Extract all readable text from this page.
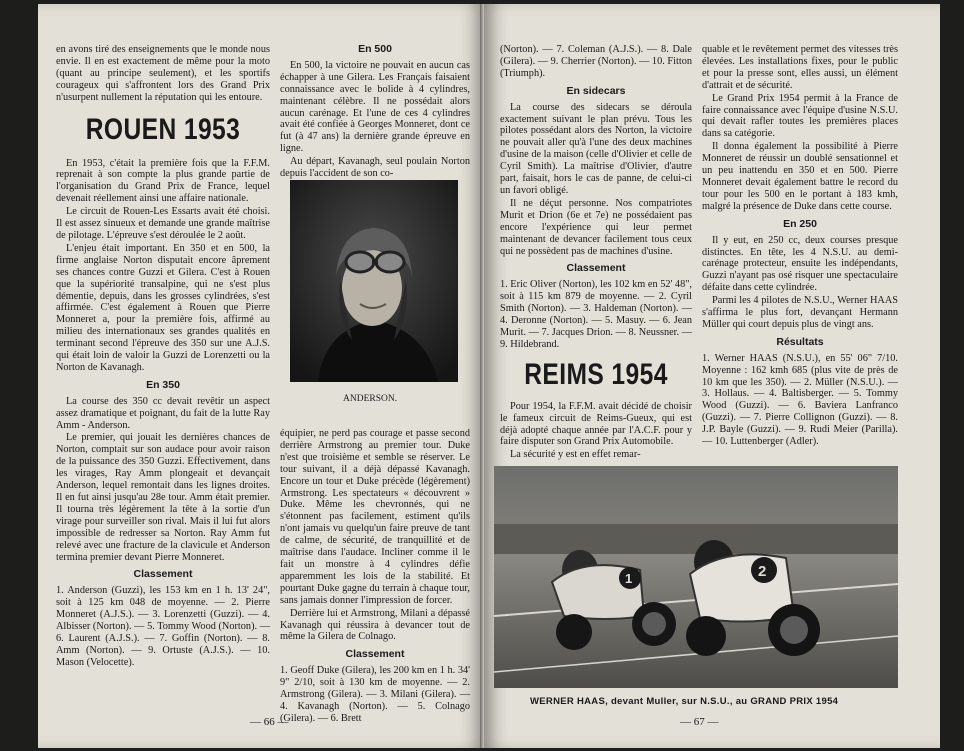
en avons tiré des enseignements que le monde nous envie. Il en est exactement de même pour la moto (quant au principe seulement), et les sportifs courageux qui s'affrontent lors des Grand Prix n'usurpent nullement la réputation qui les entoure.

ROUEN 1953

En 1953, c'était la première fois que la F.F.M. reprenait à son compte la plus grande partie de l'organisation du Grand Prix de France, lequel devenait réellement ainsi une affaire nationale.

Le circuit de Rouen-Les Essarts avait été choisi. Il est assez sinueux et demande une grande maîtrise de pilotage. L'épreuve s'est déroulée le 2 août.

L'enjeu était important. En 350 et en 500, la firme anglaise Norton disputait encore âprement ses chances contre Guzzi et Gilera. C'est à Rouen que la supériorité transalpine, qui ne s'est plus démentie, depuis, dans les grosses cylindrées, s'est affirmée. C'est également à Rouen que Pierre Monneret a, pour la première fois, affirmé au milieu des internationaux ses grandes qualités en terminant second l'épreuve des 350 sur une A.J.S. qui était loin de valoir la Guzzi de Lorenzetti ou la Norton de Kavanagh.

En 350

La course des 350 cc devait revêtir un aspect assez dramatique et poignant, du fait de la lutte Ray Amm - Anderson.

Le premier, qui jouait les dernières chances de Norton, comptait sur son audace pour avoir raison de la puissance des 350 Guzzi. Effectivement, dans les virages, Ray Amm plongeait et devançait Anderson, lequel remontait dans les lignes droites. Il en fut ainsi jusqu'au 28e tour. Amm était premier. Il tourna très légèrement la tête à la sortie d'un virage pour surveiller son rival. Mais il lui fut alors impossible de redresser sa Norton. Ray Amm fut relevé avec une fracture de la clavicule et Anderson termina premier devant Pierre Monneret.

Classement

1. Anderson (Guzzi), les 153 km en 1 h. 13' 24", soit à 125 km 048 de moyenne. — 2. Pierre Monneret (A.J.S.). — 3. Lorenzetti (Guzzi). — 4. Albisser (Norton). — 5. Tommy Wood (Norton). — 6. Laurent (A.J.S.). — 7. Goffin (Norton). — 8. Amm (Norton). — 9. Ortuste (A.J.S.). — 10. Mason (Velocette).

En 500

En 500, la victoire ne pouvait en aucun cas échapper à une Gilera. Les Français faisaient connaissance avec le bolide à 4 cylindres, maintenant célèbre. Il ne possédait alors aucun carénage. Et l'une de ces 4 cylindres avait été confiée à Georges Monneret, dont ce fut (à 47 ans) la dernière grande épreuve en ligne.

Au départ, Kavanagh, seul poulain Norton depuis l'accident de son co-

ANDERSON.

équipier, ne perd pas courage et passe second derrière Armstrong au premier tour. Duke n'est que troisième et semble se réserver. Le tour suivant, il a déjà dépassé Kavanagh. Encore un tour et Duke précède (légèrement) Armstrong. Les spectateurs « découvrent » Duke. Même les chevronnés, qui ne s'étonnent pas facilement, estiment qu'ils n'ont jamais vu quelqu'un faire preuve de tant de calme, de sécurité, de tranquillité et de maîtrise dans l'audace. Incliner comme il le fait un monstre à 4 cylindres défie apparemment les lois de la stabilité. Et pourtant Duke gagne du terrain à chaque tour, sans jamais donner l'impression de forcer.

Derrière lui et Armstrong, Milani a dépassé Kavanagh qui réussira à devancer tout de même la Gilera de Colnago.

Classement

1. Geoff Duke (Gilera), les 200 km en 1 h. 34' 9" 2/10, soit à 130 km de moyenne. — 2. Armstrong (Gilera). — 3. Milani (Gilera). — 4. Kavanagh (Norton). — 5. Colnago (Gilera). — 6. Brett

— 66 —

(Norton). — 7. Coleman (A.J.S.). — 8. Dale (Gilera). — 9. Cherrier (Norton). — 10. Fitton (Triumph).

En sidecars

La course des sidecars se déroula exactement suivant le plan prévu. Tous les pilotes possédant alors des Norton, la victoire ne pouvait aller qu'à l'une des deux machines d'usine de la maison (celle d'Olivier et celle de Cyril Smith). La maîtrise d'Olivier, d'autre part, faisait, hors le cas de panne, de celui-ci un favori obligé.

Il ne déçut personne. Nos compatriotes Murit et Drion (6e et 7e) ne possédaient pas encore l'expérience qui leur permet maintenant de devancer facilement tous ceux qui ne possèdent pas de machines d'usine.

Classement

1. Eric Oliver (Norton), les 102 km en 52' 48", soit à 115 km 879 de moyenne. — 2. Cyril Smith (Norton). — 3. Haldeman (Norton). — 4. Deronne (Norton). — 5. Masuy. — 6. Jean Murit. — 7. Jacques Drion. — 8. Neussner. — 9. Hildebrand.

REIMS 1954

Pour 1954, la F.F.M. avait décidé de choisir le fameux circuit de Reims-Gueux, qui est déjà adopté chaque année par l'A.C.F. pour y faire disputer son Grand Prix Automobile.

La sécurité y est en effet remar-

quable et le revêtement permet des vitesses très élevées. Les installations fixes, pour le public et pour la presse sont, elles aussi, un élément d'attrait et de sécurité.

Le Grand Prix 1954 permit à la France de faire connaissance avec l'équipe d'usine N.S.U. qui devait rafler toutes les premières places dans sa catégorie.

Il donna également la possibilité à Pierre Monneret de réussir un doublé sensationnel et un peu inattendu en 350 et en 500. Pierre Monneret devait également battre le record du tour pour les 500 en le portant à 183 kmh, malgré la présence de Duke dans cette course.

En 250

Il y eut, en 250 cc, deux courses presque distinctes. En tête, les 4 N.S.U. au demi-carénage protecteur, ensuite les indépendants, Guzzi n'ayant pas osé risquer une spectaculaire défaite dans cette cylindrée.

Parmi les 4 pilotes de N.S.U., Werner HAAS s'affirma le plus fort, devançant Hermann Müller qui court depuis plus de vingt ans.

Résultats

1. Werner HAAS (N.S.U.), en 55' 06" 7/10. Moyenne : 162 kmh 685 (plus vite de près de 10 km que les 350). — 2. Müller (N.S.U.). — 3. Hollaus. — 4. Baltisberger. — 5. Tommy Wood (Guzzi). — 6. Baviera Lanfranco (Guzzi). — 7. Pierre Collignon (Guzzi). — 8. J.P. Bayle (Guzzi). — 9. Rudi Meier (Parilla). — 10. Luttenberger (Adler).

1	2
WERNER HAAS, devant Muller, sur N.S.U., au GRAND PRIX 1954
— 67 —
